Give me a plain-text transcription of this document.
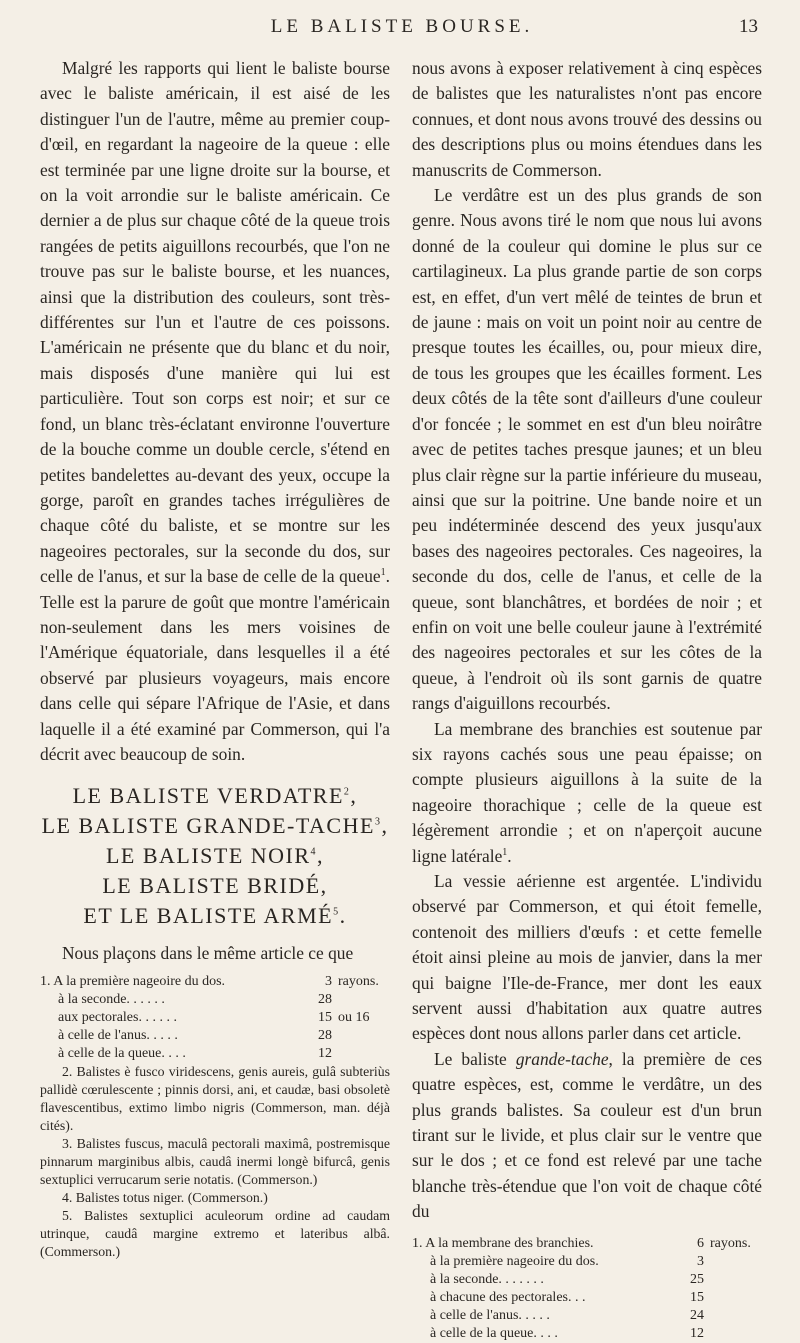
LE BALISTE BOURSE.	13

Malgré les rapports qui lient le baliste bourse avec le baliste américain, il est aisé de les distinguer l'un de l'autre, même au premier coup-d'œil, en regardant la nageoire de la queue : elle est terminée par une ligne droite sur la bourse, et on la voit arrondie sur le baliste américain. Ce dernier a de plus sur chaque côté de la queue trois rangées de petits aiguillons recourbés, que l'on ne trouve pas sur le baliste bourse, et les nuances, ainsi que la distribution des couleurs, sont très-différentes sur l'un et l'autre de ces poissons. L'américain ne présente que du blanc et du noir, mais disposés d'une manière qui lui est particulière. Tout son corps est noir; et sur ce fond, un blanc très-éclatant environne l'ouverture de la bouche comme un double cercle, s'étend en petites bandelettes au-devant des yeux, occupe la gorge, paroît en grandes taches irrégulières de chaque côté du baliste, et se montre sur les nageoires pectorales, sur la seconde du dos, sur celle de l'anus, et sur la base de celle de la queue$^1$. Telle est la parure de goût que montre l'américain non-seulement dans les mers voisines de l'Amérique équatoriale, dans lesquelles il a été observé par plusieurs voyageurs, mais encore dans celle qui sépare l'Afrique de l'Asie, et dans laquelle il a été examiné par Commerson, qui l'a décrit avec beaucoup de soin.

LE BALISTE VERDATRE$^2$,
LE BALISTE GRANDE-TACHE$^3$,
LE BALISTE NOIR$^4$,
LE BALISTE BRIDÉ,
ET LE BALISTE ARMÉ$^5$.

Nous plaçons dans le même article ce que

1. A la première nageoire du dos.	3	rayons.
à la seconde. . . . . .	28	
aux pectorales. . . . . .	15	ou 16
à celle de l'anus. . . . .	28	
à celle de la queue. . . .	12	

2. Balistes è fusco viridescens, genis aureis, gulâ subteriùs pallidè cœrulescente ; pinnis dorsi, ani, et caudæ, basi obsoletè flavescentibus, extimo limbo nigris (Commerson, man. déjà cités).

3. Balistes fuscus, maculâ pectorali maximâ, postremisque pinnarum marginibus albis, caudâ inermi longè bifurcâ, genis sextuplici verrucarum serie notatis. (Commerson.)

4. Balistes totus niger. (Commerson.)

5. Balistes sextuplici aculeorum ordine ad caudam utrinque, caudâ margine extremo et lateribus albâ. (Commerson.)

nous avons à exposer relativement à cinq espèces de balistes que les naturalistes n'ont pas encore connues, et dont nous avons trouvé des dessins ou des descriptions plus ou moins étendues dans les manuscrits de Commerson.

Le verdâtre est un des plus grands de son genre. Nous avons tiré le nom que nous lui avons donné de la couleur qui domine le plus sur ce cartilagineux. La plus grande partie de son corps est, en effet, d'un vert mêlé de teintes de brun et de jaune : mais on voit un point noir au centre de presque toutes les écailles, ou, pour mieux dire, de tous les groupes que les écailles forment. Les deux côtés de la tête sont d'ailleurs d'une couleur d'or foncée ; le sommet en est d'un bleu noirâtre avec de petites taches presque jaunes; et un bleu plus clair règne sur la partie inférieure du museau, ainsi que sur la poitrine. Une bande noire et un peu indéterminée descend des yeux jusqu'aux bases des nageoires pectorales. Ces nageoires, la seconde du dos, celle de l'anus, et celle de la queue, sont blanchâtres, et bordées de noir ; et enfin on voit une belle couleur jaune à l'extrémité des nageoires pectorales et sur les côtes de la queue, à l'endroit où ils sont garnis de quatre rangs d'aiguillons recourbés.

La membrane des branchies est soutenue par six rayons cachés sous une peau épaisse; on compte plusieurs aiguillons à la suite de la nageoire thorachique ; celle de la queue est légèrement arrondie ; et on n'aperçoit aucune ligne latérale$^1$.

La vessie aérienne est argentée. L'individu observé par Commerson, et qui étoit femelle, contenoit des milliers d'œufs : et cette femelle étoit ainsi pleine au mois de janvier, dans la mer qui baigne l'Ile-de-France, mer dont les eaux servent aussi d'habitation aux quatre autres espèces dont nous allons parler dans cet article.

Le baliste grande-tache, la première de ces quatre espèces, est, comme le verdâtre, un des plus grands balistes. Sa couleur est d'un brun tirant sur le livide, et plus clair sur le ventre que sur le dos ; et ce fond est relevé par une tache blanche très-étendue que l'on voit de chaque côté du

1. A la membrane des branchies.	6	rayons.
à la première nageoire du dos.	3	
à la seconde. . . . . . .	25	
à chacune des pectorales. . .	15	
à celle de l'anus. . . . .	24	
à celle de la queue. . . .	12	
